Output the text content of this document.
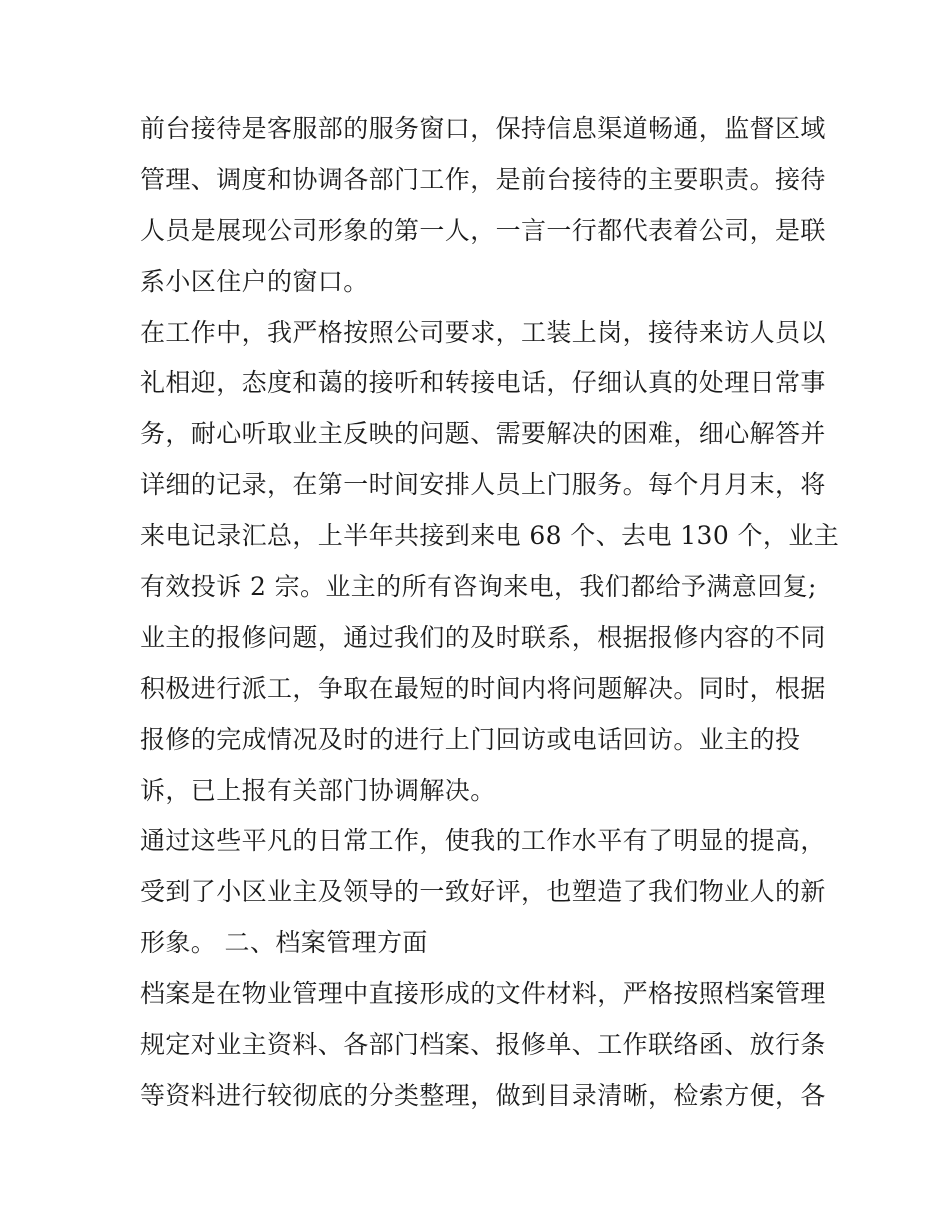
前台接待是客服部的服务窗口，保持信息渠道畅通，监督区域
管理、调度和协调各部门工作，是前台接待的主要职责。接待
人员是展现公司形象的第一人，一言一行都代表着公司，是联
系小区住户的窗口。
在工作中，我严格按照公司要求，工装上岗，接待来访人员以
礼相迎，态度和蔼的接听和转接电话，仔细认真的处理日常事
务，耐心听取业主反映的问题、需要解决的困难，细心解答并
详细的记录，在第一时间安排人员上门服务。每个月月末，将
来电记录汇总，上半年共接到来电 68 个、去电 130 个，业主
有效投诉 2 宗。业主的所有咨询来电，我们都给予满意回复;
业主的报修问题，通过我们的及时联系，根据报修内容的不同
积极进行派工，争取在最短的时间内将问题解决。同时，根据
报修的完成情况及时的进行上门回访或电话回访。业主的投
诉，已上报有关部门协调解决。
通过这些平凡的日常工作，使我的工作水平有了明显的提高，
受到了小区业主及领导的一致好评，也塑造了我们物业人的新
形象。 二、档案管理方面
档案是在物业管理中直接形成的文件材料，严格按照档案管理
规定对业主资料、各部门档案、报修单、工作联络函、放行条
等资料进行较彻底的分类整理，做到目录清晰，检索方便，各
